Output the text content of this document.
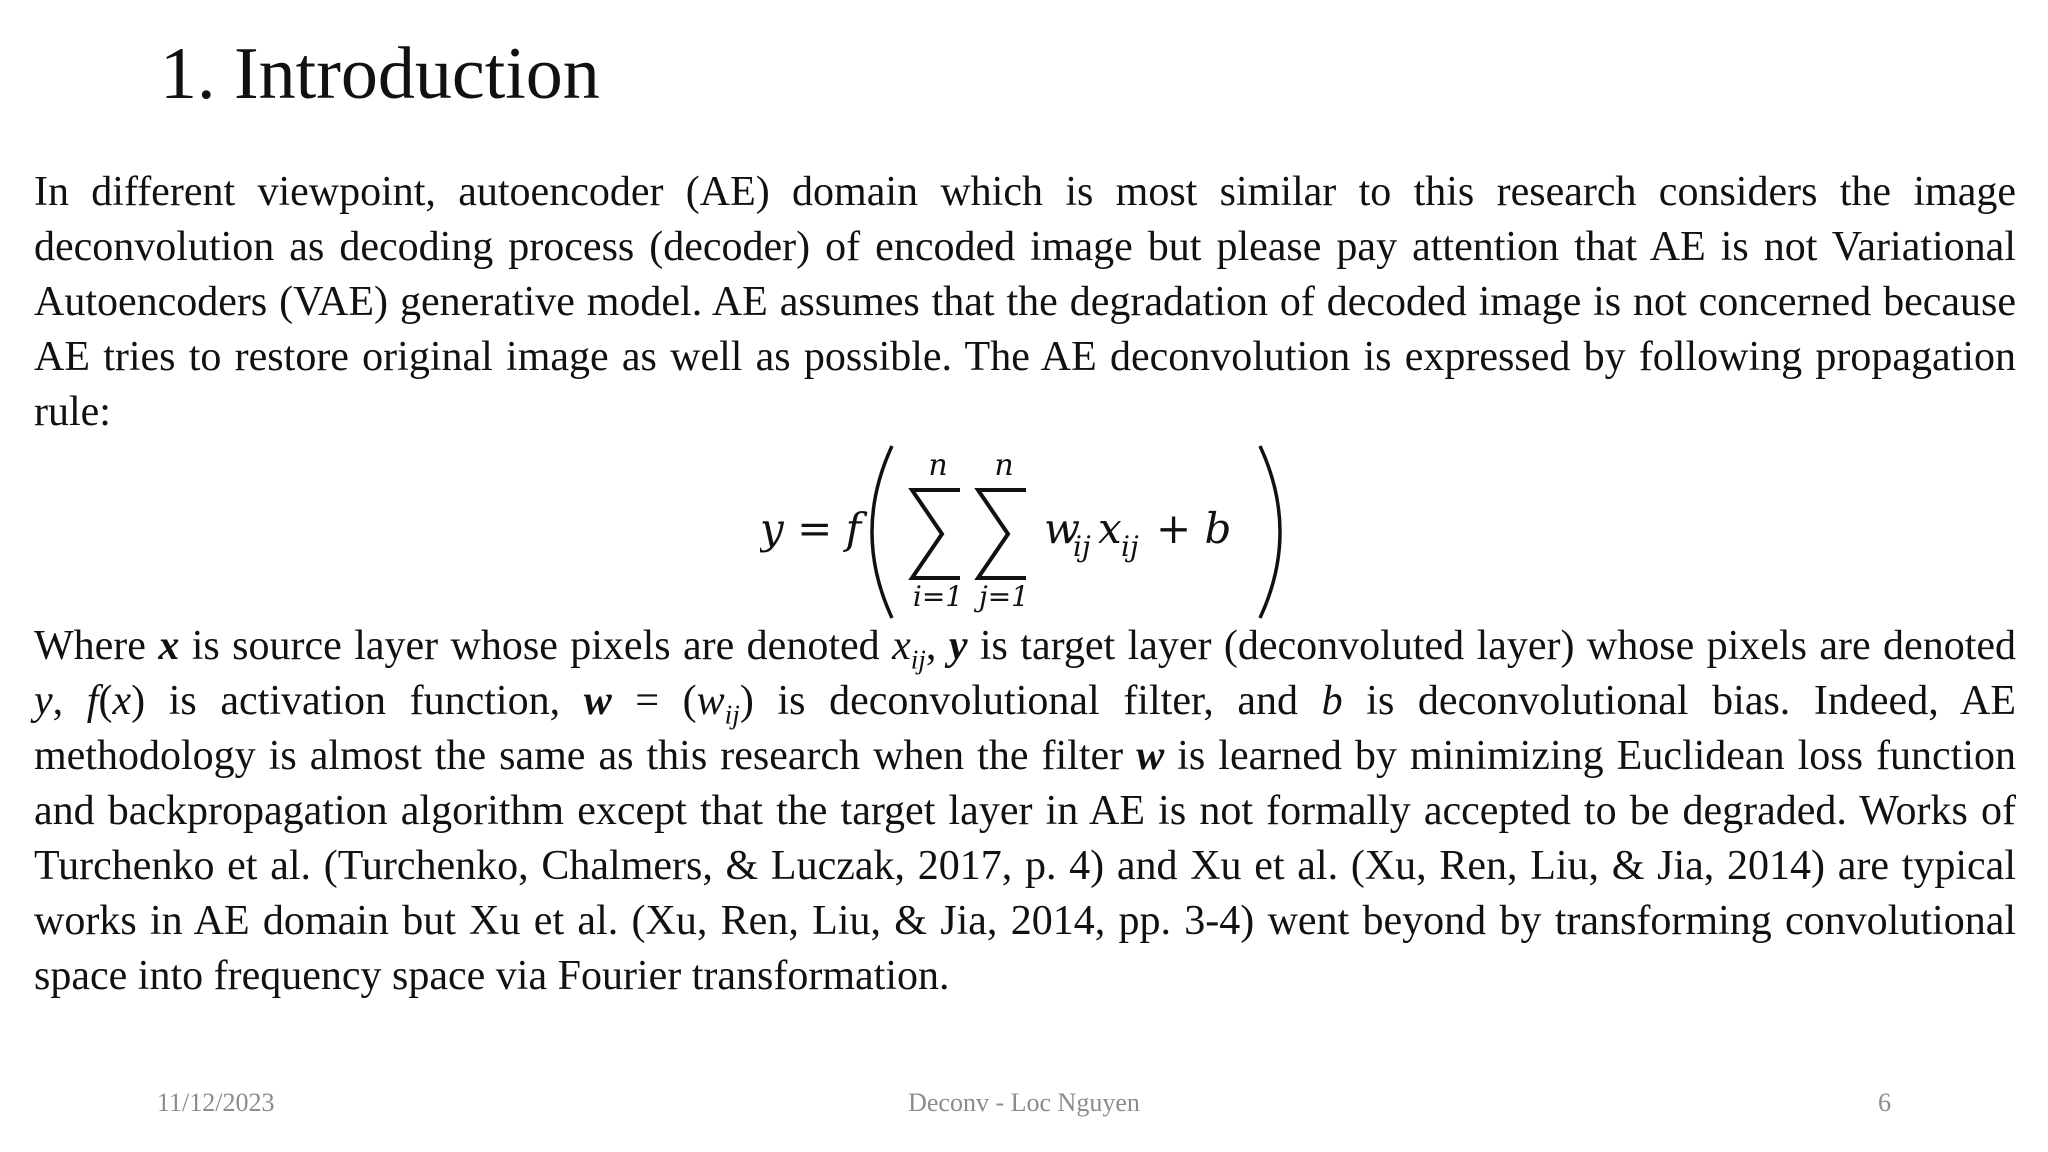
1. Introduction

In different viewpoint, autoencoder (AE) domain which is most similar to this research considers the image deconvolution as decoding process (decoder) of encoded image but please pay attention that AE is not Variational Autoencoders (VAE) generative model. AE assumes that the degradation of decoded image is not concerned because AE tries to restore original image as well as possible. The AE deconvolution is expressed by following propagation rule:

y = f
n n
i=1 j=1
w
ij x ij + b

Where x is source layer whose pixels are denoted $x_{ij}$, y is target layer (deconvoluted layer) whose pixels are denoted y, f(x) is activation function, $w = (w_{ij})$ is deconvolutional filter, and b is deconvolutional bias. Indeed, AE methodology is almost the same as this research when the filter w is learned by minimizing Euclidean loss function and backpropagation algorithm except that the target layer in AE is not formally accepted to be degraded. Works of Turchenko et al. (Turchenko, Chalmers, & Luczak, 2017, p. 4) and Xu et al. (Xu, Ren, Liu, & Jia, 2014) are typical works in AE domain but Xu et al. (Xu, Ren, Liu, & Jia, 2014, pp. 3-4) went beyond by transforming convolutional space into frequency space via Fourier transformation.

Deconv - Loc Nguyen
11/12/2023	6
